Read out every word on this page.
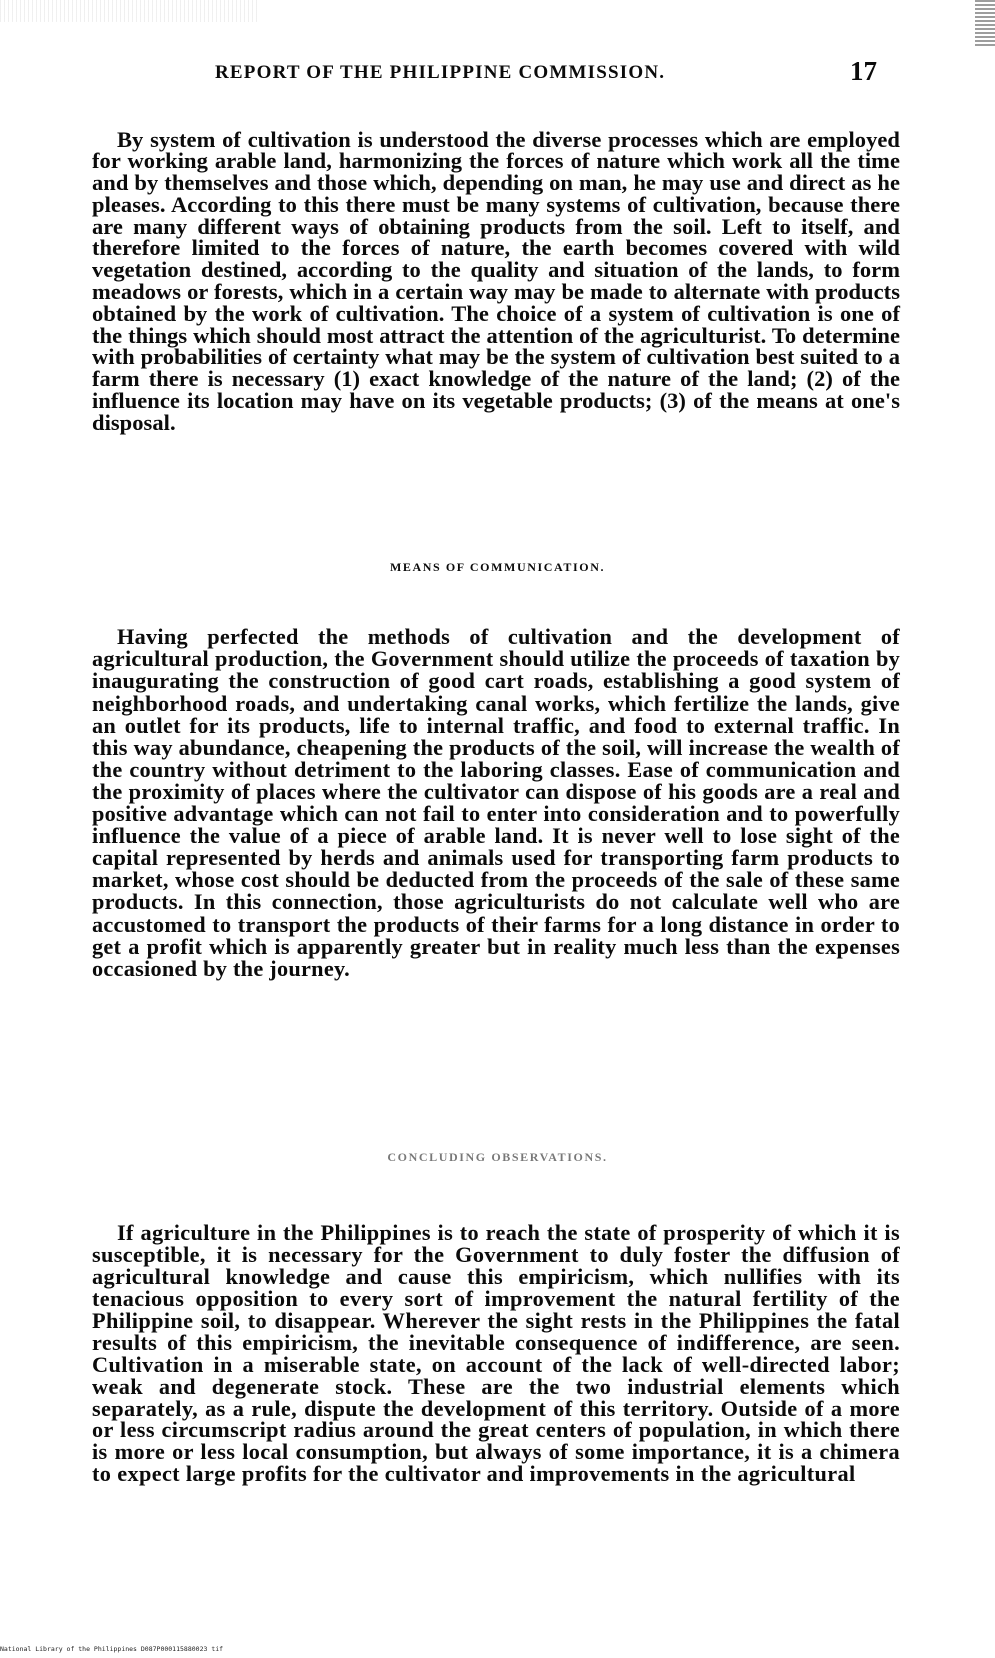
REPORT OF THE PHILIPPINE COMMISSION.	17

By system of cultivation is understood the diverse processes which are employed for working arable land, harmonizing the forces of nature which work all the time and by themselves and those which, depending on man, he may use and direct as he pleases. According to this there must be many systems of cultivation, because there are many different ways of obtaining products from the soil. Left to itself, and therefore limited to the forces of nature, the earth becomes covered with wild vegetation destined, according to the quality and situation of the lands, to form meadows or forests, which in a certain way may be made to alternate with products obtained by the work of cultivation. The choice of a system of cultivation is one of the things which should most attract the attention of the agriculturist. To determine with probabilities of certainty what may be the system of cultivation best suited to a farm there is necessary (1) exact knowledge of the nature of the land; (2) of the influence its location may have on its vegetable products; (3) of the means at one's disposal.

MEANS OF COMMUNICATION.

Having perfected the methods of cultivation and the development of agricultural production, the Government should utilize the proceeds of taxation by inaugurating the construction of good cart roads, establishing a good system of neighborhood roads, and undertaking canal works, which fertilize the lands, give an outlet for its products, life to internal traffic, and food to external traffic. In this way abundance, cheapening the products of the soil, will increase the wealth of the country without detriment to the laboring classes. Ease of communication and the proximity of places where the cultivator can dispose of his goods are a real and positive advantage which can not fail to enter into consideration and to powerfully influence the value of a piece of arable land. It is never well to lose sight of the capital represented by herds and animals used for transporting farm products to market, whose cost should be deducted from the proceeds of the sale of these same products. In this connection, those agriculturists do not calculate well who are accustomed to transport the products of their farms for a long distance in order to get a profit which is apparently greater but in reality much less than the expenses occasioned by the journey.

CONCLUDING OBSERVATIONS.

If agriculture in the Philippines is to reach the state of prosperity of which it is susceptible, it is necessary for the Government to duly foster the diffusion of agricultural knowledge and cause this empiricism, which nullifies with its tenacious opposition to every sort of improvement the natural fertility of the Philippine soil, to disappear. Wherever the sight rests in the Philippines the fatal results of this empiricism, the inevitable consequence of indifference, are seen. Cultivation in a miserable state, on account of the lack of well-directed labor; weak and degenerate stock. These are the two industrial elements which separately, as a rule, dispute the development of this territory. Outside of a more or less circumscript radius around the great centers of population, in which there is more or less local consumption, but always of some importance, it is a chimera to expect large profits for the cultivator and improvements in the agricultural

National Library of the Philippines D087P000115880023 tif
